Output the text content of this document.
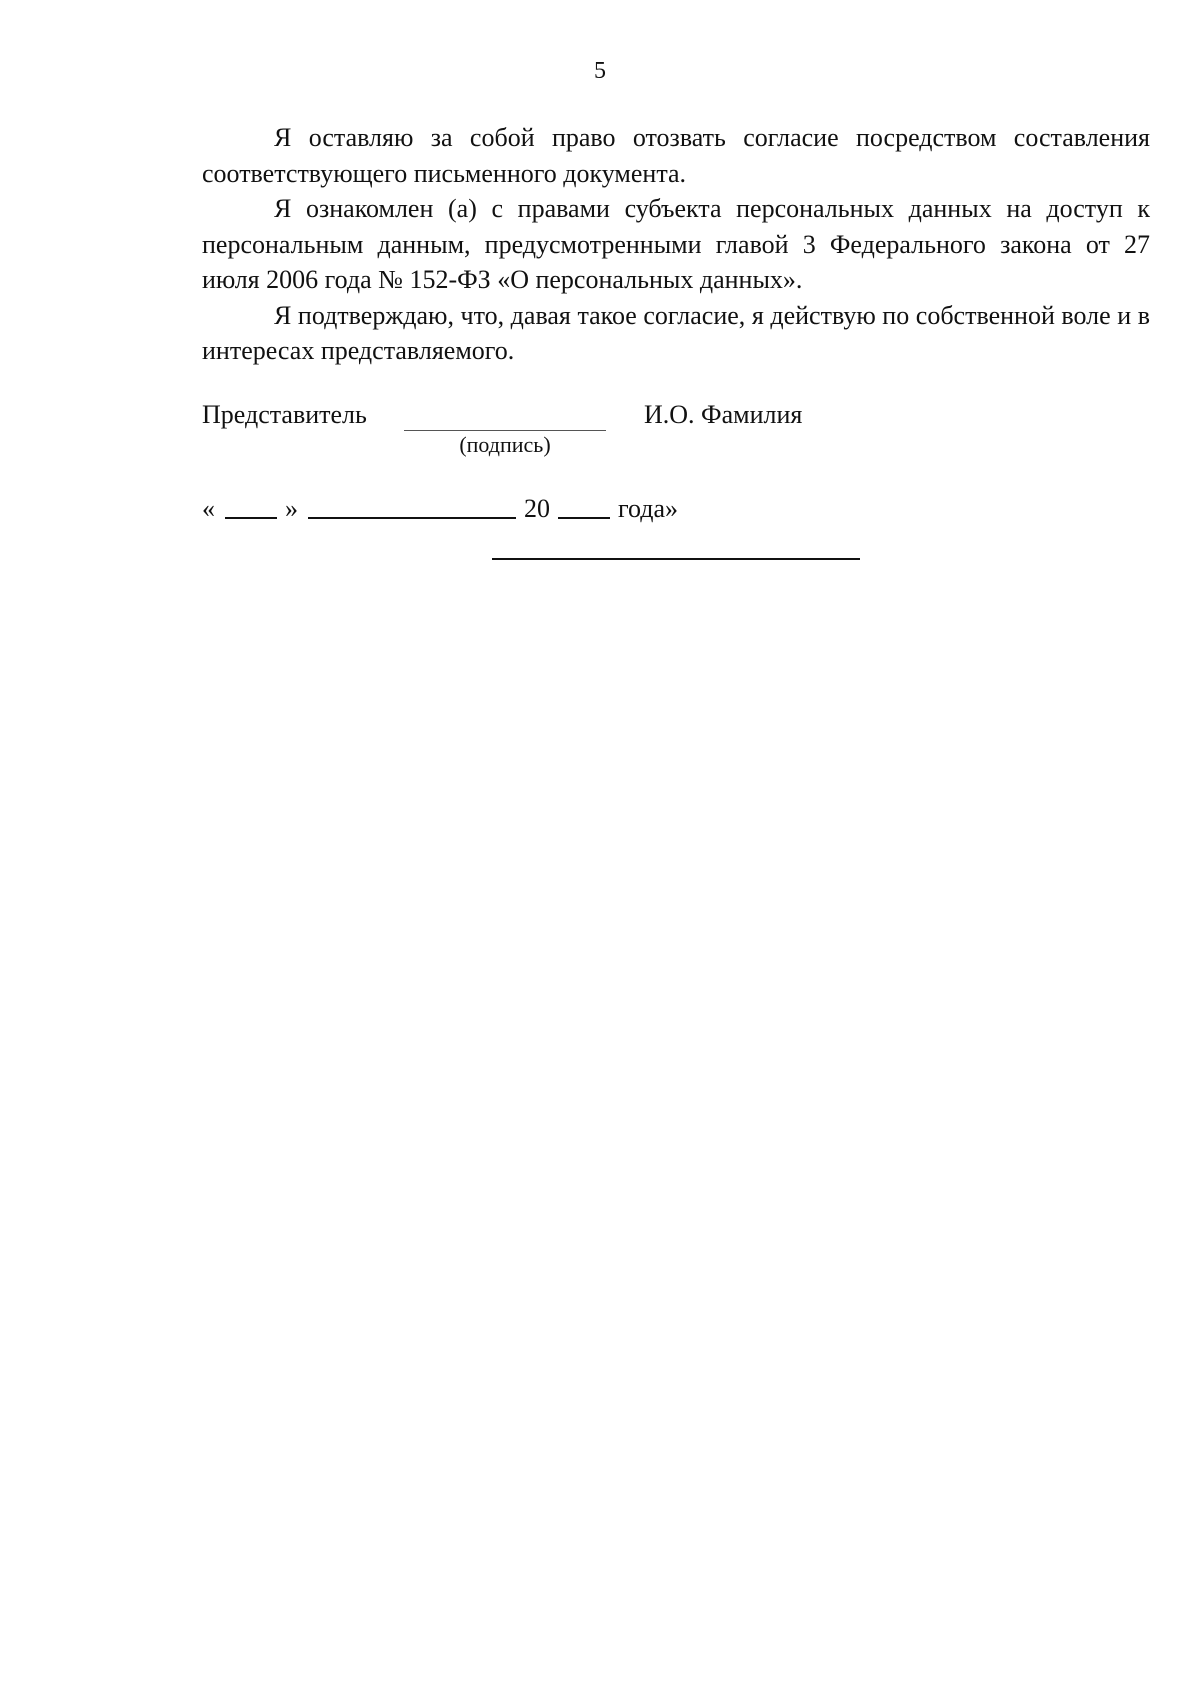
5

Я оставляю за собой право отозвать согласие посредством составления соответствующего письменного документа.

Я ознакомлен (а) с правами субъекта персональных данных на доступ к персональным данным, предусмотренными главой 3 Федерального закона от 27 июля 2006 года № 152-ФЗ «О персональных данных».

Я подтверждаю, что, давая такое согласие, я действую по собственной воле и в интересах представляемого.

Представитель
(подпись)
И.О. Фамилия
«	»	20	года»
